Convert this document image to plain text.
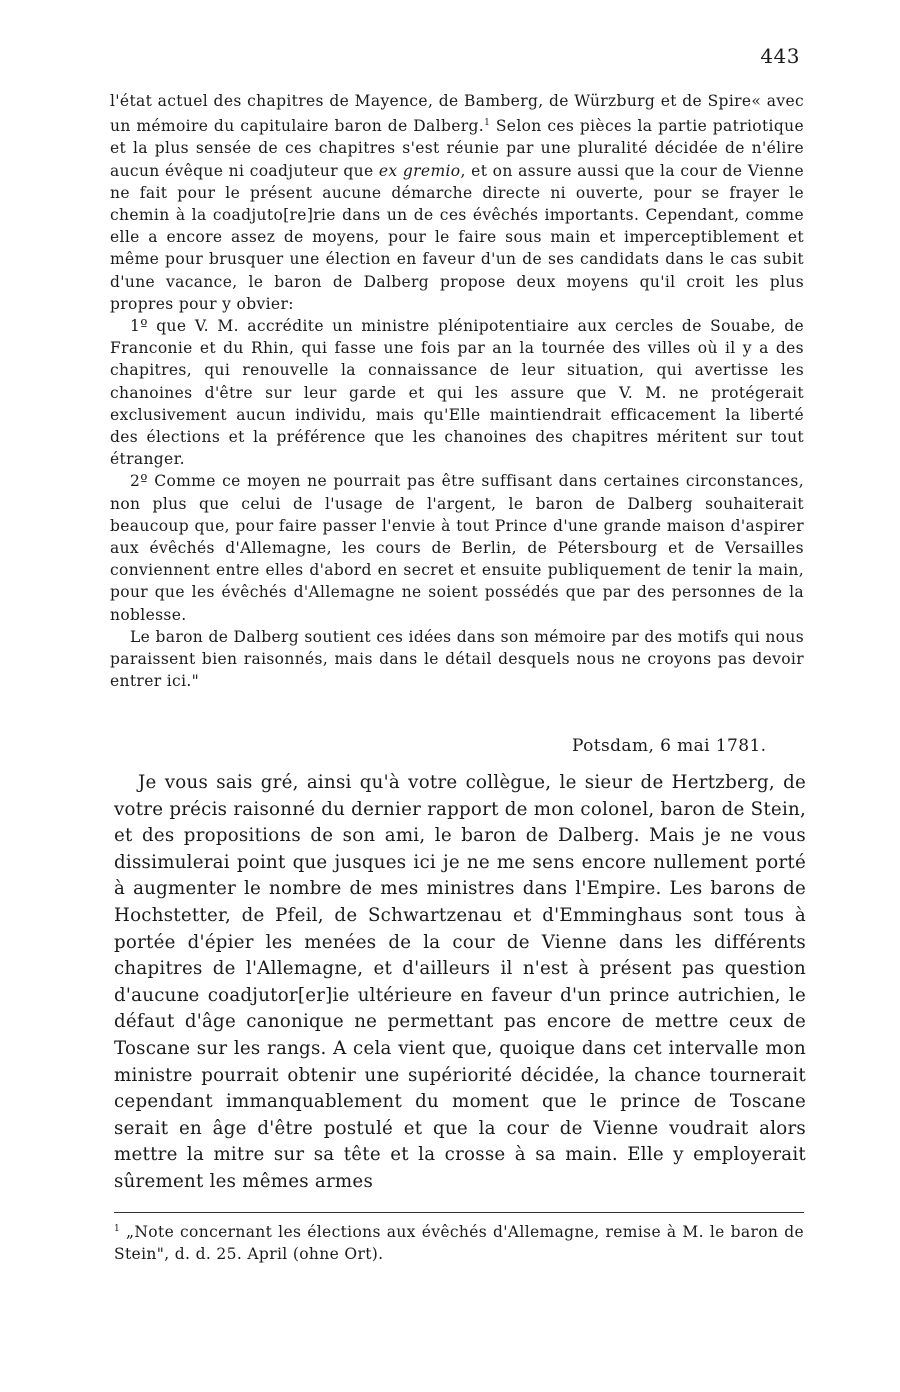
443

l'état actuel des chapitres de Mayence, de Bamberg, de Würzburg et de Spire« avec un mémoire du capitulaire baron de Dalberg.$^1$ Selon ces pièces la partie patriotique et la plus sensée de ces chapitres s'est réunie par une pluralité décidée de n'élire aucun évêque ni coadjuteur que ex gremio, et on assure aussi que la cour de Vienne ne fait pour le présent aucune démarche directe ni ouverte, pour se frayer le chemin à la coadjuto[re]rie dans un de ces évêchés importants. Cependant, comme elle a encore assez de moyens, pour le faire sous main et imperceptiblement et même pour brusquer une élection en faveur d'un de ses candidats dans le cas subit d'une vacance, le baron de Dalberg propose deux moyens qu'il croit les plus propres pour y obvier:

1º que V. M. accrédite un ministre plénipotentiaire aux cercles de Souabe, de Franconie et du Rhin, qui fasse une fois par an la tournée des villes où il y a des chapitres, qui renouvelle la connaissance de leur situation, qui avertisse les chanoines d'être sur leur garde et qui les assure que V. M. ne protégerait exclusivement aucun individu, mais qu'Elle maintiendrait efficacement la liberté des élections et la préférence que les chanoines des chapitres méritent sur tout étranger.

2º Comme ce moyen ne pourrait pas être suffisant dans certaines circonstances, non plus que celui de l'usage de l'argent, le baron de Dalberg souhaiterait beaucoup que, pour faire passer l'envie à tout Prince d'une grande maison d'aspirer aux évêchés d'Allemagne, les cours de Berlin, de Pétersbourg et de Versailles conviennent entre elles d'abord en secret et ensuite publiquement de tenir la main, pour que les évêchés d'Allemagne ne soient possédés que par des personnes de la noblesse.

Le baron de Dalberg soutient ces idées dans son mémoire par des motifs qui nous paraissent bien raisonnés, mais dans le détail desquels nous ne croyons pas devoir entrer ici."

Potsdam, 6 mai 1781.

Je vous sais gré, ainsi qu'à votre collègue, le sieur de Hertzberg, de votre précis raisonné du dernier rapport de mon colonel, baron de Stein, et des propositions de son ami, le baron de Dalberg. Mais je ne vous dissimulerai point que jusques ici je ne me sens encore nullement porté à augmenter le nombre de mes ministres dans l'Empire. Les barons de Hochstetter, de Pfeil, de Schwartzenau et d'Emminghaus sont tous à portée d'épier les menées de la cour de Vienne dans les différents chapitres de l'Allemagne, et d'ailleurs il n'est à présent pas question d'aucune coadjutor[er]ie ultérieure en faveur d'un prince autrichien, le défaut d'âge canonique ne permettant pas encore de mettre ceux de Toscane sur les rangs. A cela vient que, quoique dans cet intervalle mon ministre pourrait obtenir une supériorité décidée, la chance tournerait cependant immanquablement du moment que le prince de Toscane serait en âge d'être postulé et que la cour de Vienne voudrait alors mettre la mitre sur sa tête et la crosse à sa main. Elle y employerait sûrement les mêmes armes

$^1$ „Note concernant les élections aux évêchés d'Allemagne, remise à M. le baron de Stein", d. d. 25. April (ohne Ort).
